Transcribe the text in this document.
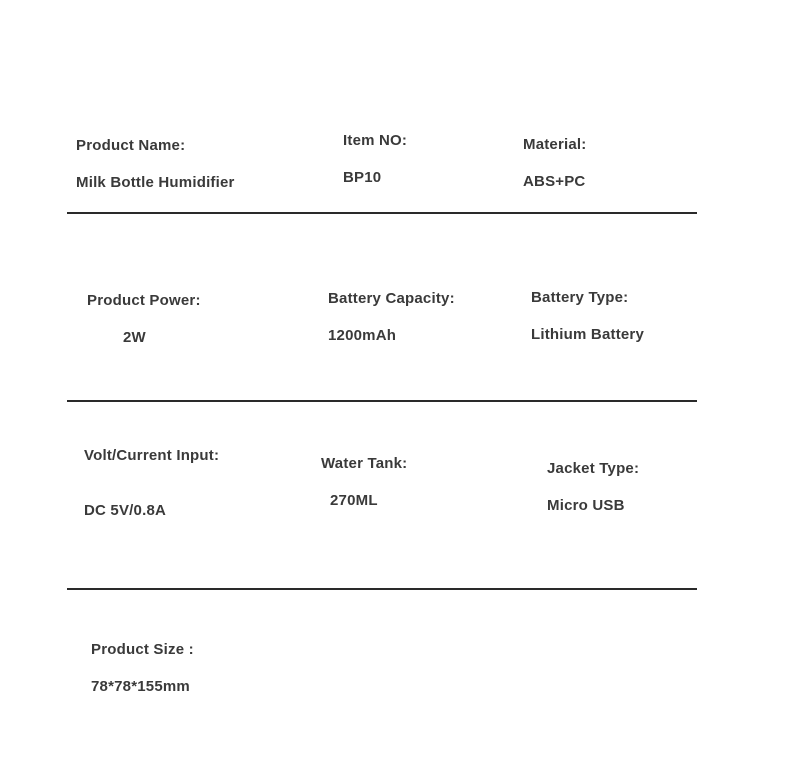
Product Name:
Milk Bottle Humidifier
Item NO:
BP10
Material:
ABS+PC
Product Power:
2W
Battery Capacity:
1200mAh
Battery Type:
Lithium Battery
Volt/Current Input:
DC 5V/0.8A
Water Tank:
270ML
Jacket Type:
Micro USB
Product Size :
78*78*155mm
